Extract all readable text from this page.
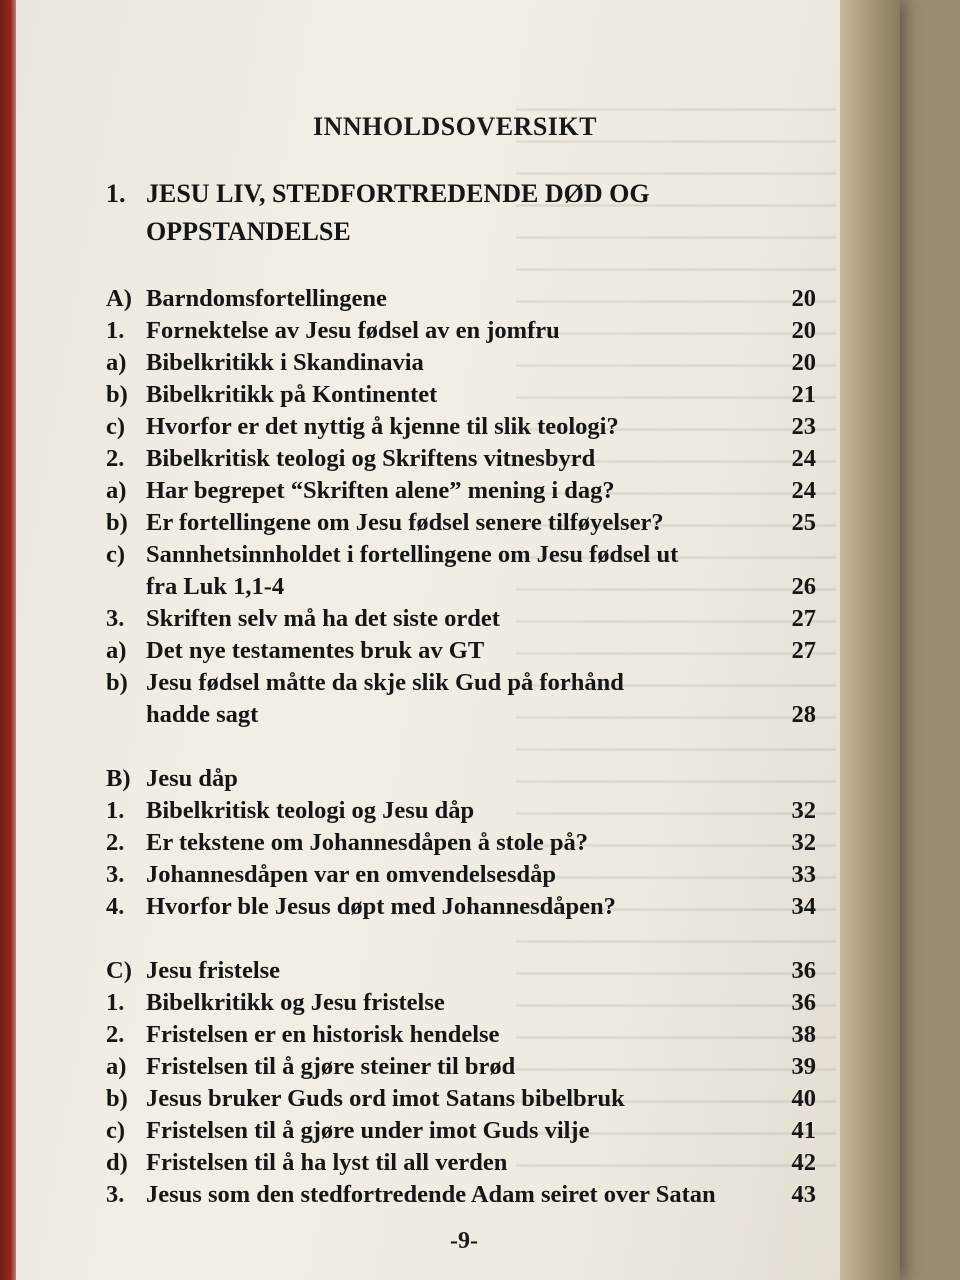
INNHOLDSOVERSIKT
1. JESU LIV, STEDFORTREDENDE DØD OG
OPPSTANDELSE
A) Barndomsfortellingene	20
1. Fornektelse av Jesu fødsel av en jomfru	20
a) Bibelkritikk i Skandinavia	20
b) Bibelkritikk på Kontinentet	21
c) Hvorfor er det nyttig å kjenne til slik teologi?	23
2. Bibelkritisk teologi og Skriftens vitnesbyrd	24
a) Har begrepet “Skriften alene” mening i dag?	24
b) Er fortellingene om Jesu fødsel senere tilføyelser?	25
c) Sannhetsinnholdet i fortellingene om Jesu fødsel ut
fra Luk 1,1-4	26
3. Skriften selv må ha det siste ordet	27
a) Det nye testamentes bruk av GT	27
b) Jesu fødsel måtte da skje slik Gud på forhånd
hadde sagt	28
B) Jesu dåp
1. Bibelkritisk teologi og Jesu dåp	32
2. Er tekstene om Johannesdåpen å stole på?	32
3. Johannesdåpen var en omvendelsesdåp	33
4. Hvorfor ble Jesus døpt med Johannesdåpen?	34
C) Jesu fristelse	36
1. Bibelkritikk og Jesu fristelse	36
2. Fristelsen er en historisk hendelse	38
a) Fristelsen til å gjøre steiner til brød	39
b) Jesus bruker Guds ord imot Satans bibelbruk	40
c) Fristelsen til å gjøre under imot Guds vilje	41
d) Fristelsen til å ha lyst til all verden	42
3. Jesus som den stedfortredende Adam seiret over Satan	43
-9-
